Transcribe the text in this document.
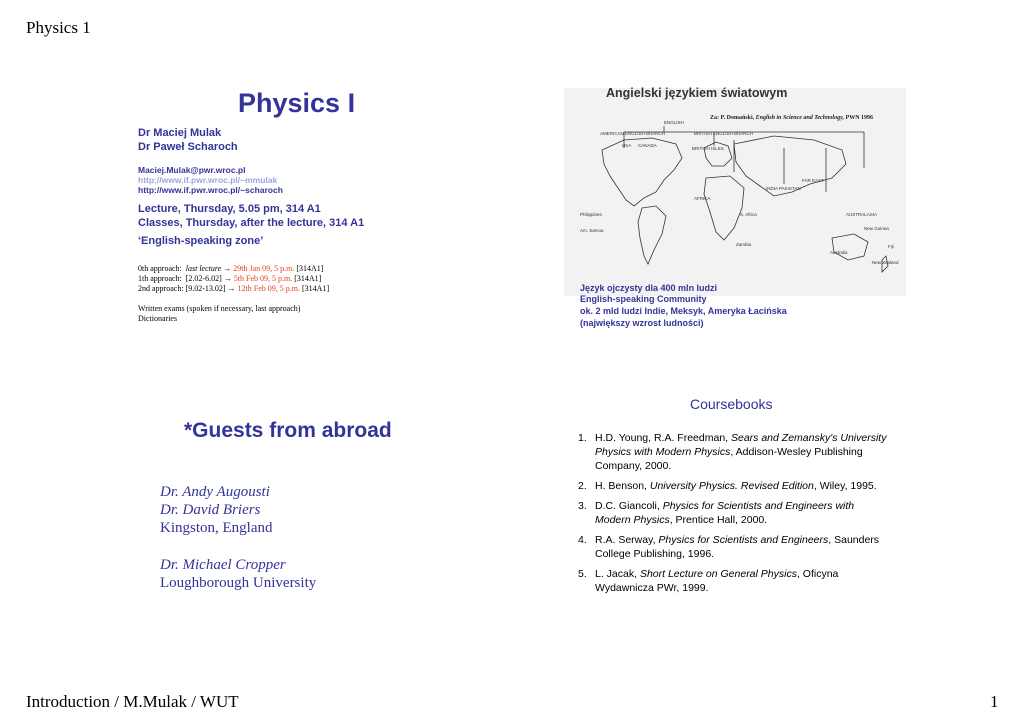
Physics 1
Introduction / M.Mulak / WUT	1
Physics I
Dr Maciej Mulak
Dr Paweł Scharoch
Maciej.Mulak@pwr.wroc.pl
http://www.if.pwr.wroc.pl/~mmulak
http://www.if.pwr.wroc.pl/~scharoch
Lecture, Thursday, 5.05 pm, 314 A1
Classes, Thursday, after the lecture, 314 A1
‘English-speaking zone’
0th approach: last lecture → 29th Jan 09, 5 p.m. [314A1]
1th approach: [2.02-6.02] → 5th Feb 09, 5 p.m. [314A1]
2nd approach: [9.02-13.02] → 12th Feb 09, 5 p.m. [314A1]
Written exams (spoken if necessary, last approach)
Dictionaries
ENGLISH
AMERICAN ENGLISH BRANCH	BRITISH ENGLISH BRANCH
USA CANADA
BRITISH ISLES
AFRICA
INDIA PAKISTAN
FAR EAST
AUSTRALASIA
Philippines
Am. Samoa
Australia
New Zealand
Fiji
New Guinea
S. Africa
Zambia
Angielski językiem światowym
Za: P. Domański, English in Science and Technology, PWN 1996
Język ojczysty dla 400 mln ludzi
English-speaking Community
ok. 2 mld ludzi Indie, Meksyk, Ameryka Łacińska
(największy wzrost ludności)
*Guests from abroad
Dr. Andy Augousti
Dr. David Briers
Kingston, England
Dr. Michael Cropper
Loughborough University
Coursebooks
1. H.D. Young, R.A. Freedman, Sears and Zemansky's University Physics with Modern Physics, Addison-Wesley Publishing Company, 2000.
2. H. Benson, University Physics. Revised Edition, Wiley, 1995.
3. D.C. Giancoli, Physics for Scientists and Engineers with Modern Physics, Prentice Hall, 2000.
4. R.A. Serway, Physics for Scientists and Engineers, Saunders College Publishing, 1996.
5. L. Jacak, Short Lecture on General Physics, Oficyna Wydawnicza PWr, 1999.
